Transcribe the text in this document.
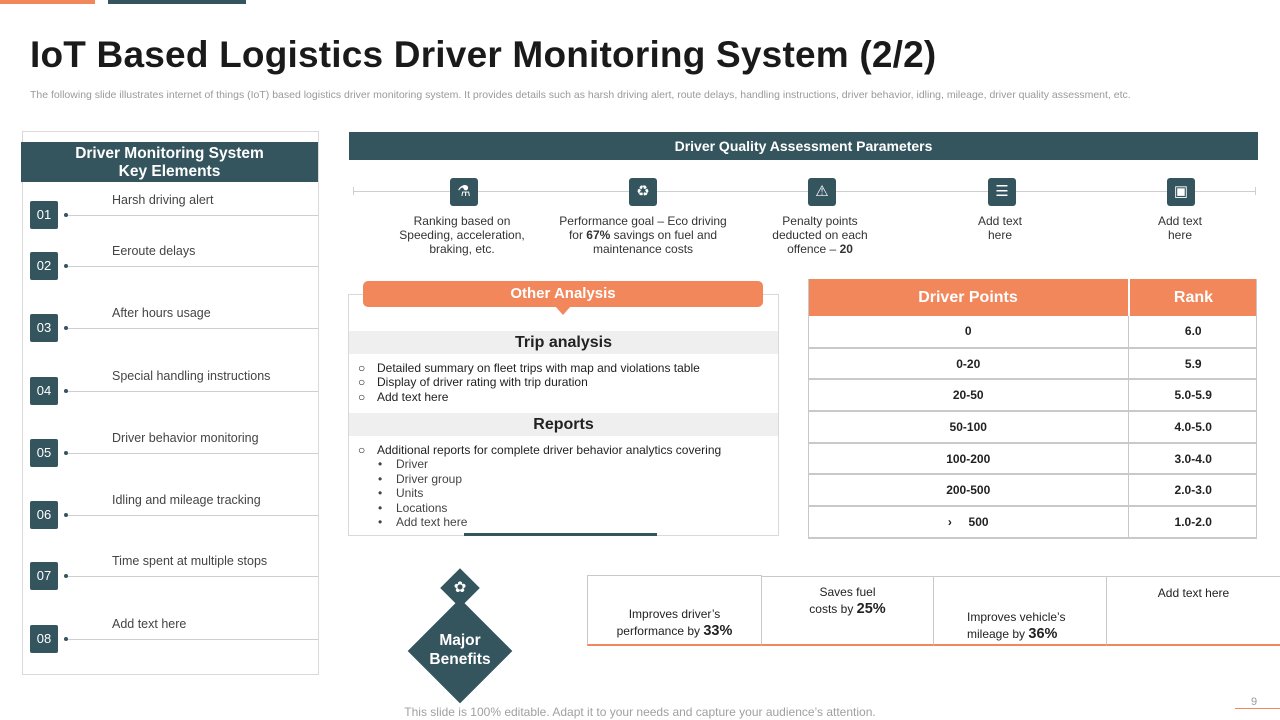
IoT Based Logistics Driver Monitoring System (2/2)
The following slide illustrates internet of things (IoT) based logistics driver monitoring system. It provides details such as harsh driving alert, route delays, handling instructions, driver behavior, idling, mileage, driver quality assessment, etc.
Driver Monitoring System
Key Elements
01
Harsh driving alert
02
Eeroute delays
03
After hours usage
04
Special handling instructions
05
Driver behavior monitoring
06
Idling and mileage tracking
07
Time spent at multiple stops
08
Add text here
Driver Quality Assessment Parameters
⚗	♻	⚠	☰	▣
Ranking based on
Speeding, acceleration,
braking, etc.
Performance goal – Eco driving
for 67% savings on fuel and
maintenance costs
Penalty points
deducted on each
offence – 20
Add text
here
Add text
here
Other Analysis
Trip analysis
○ Detailed summary on fleet trips with map and violations table
○ Display of driver rating with trip duration
○ Add text here
Reports
○ Additional reports for complete driver behavior analytics covering
• Driver
• Driver group
• Units
• Locations
• Add text here
Driver Points	Rank
0	6.0
0-20	5.9
20-50	5.0-5.9
50-100	4.0-5.0
100-200	3.0-4.0
200-500	2.0-3.0
›     500	1.0-2.0
Improves driver’s
performance by 33%
Saves fuel
costs by 25%	Improves vehicle’s
mileage by 36%
Add text here
✿
Major
Benefits
This slide is 100% editable. Adapt it to your needs and capture your audience’s attention.
9
